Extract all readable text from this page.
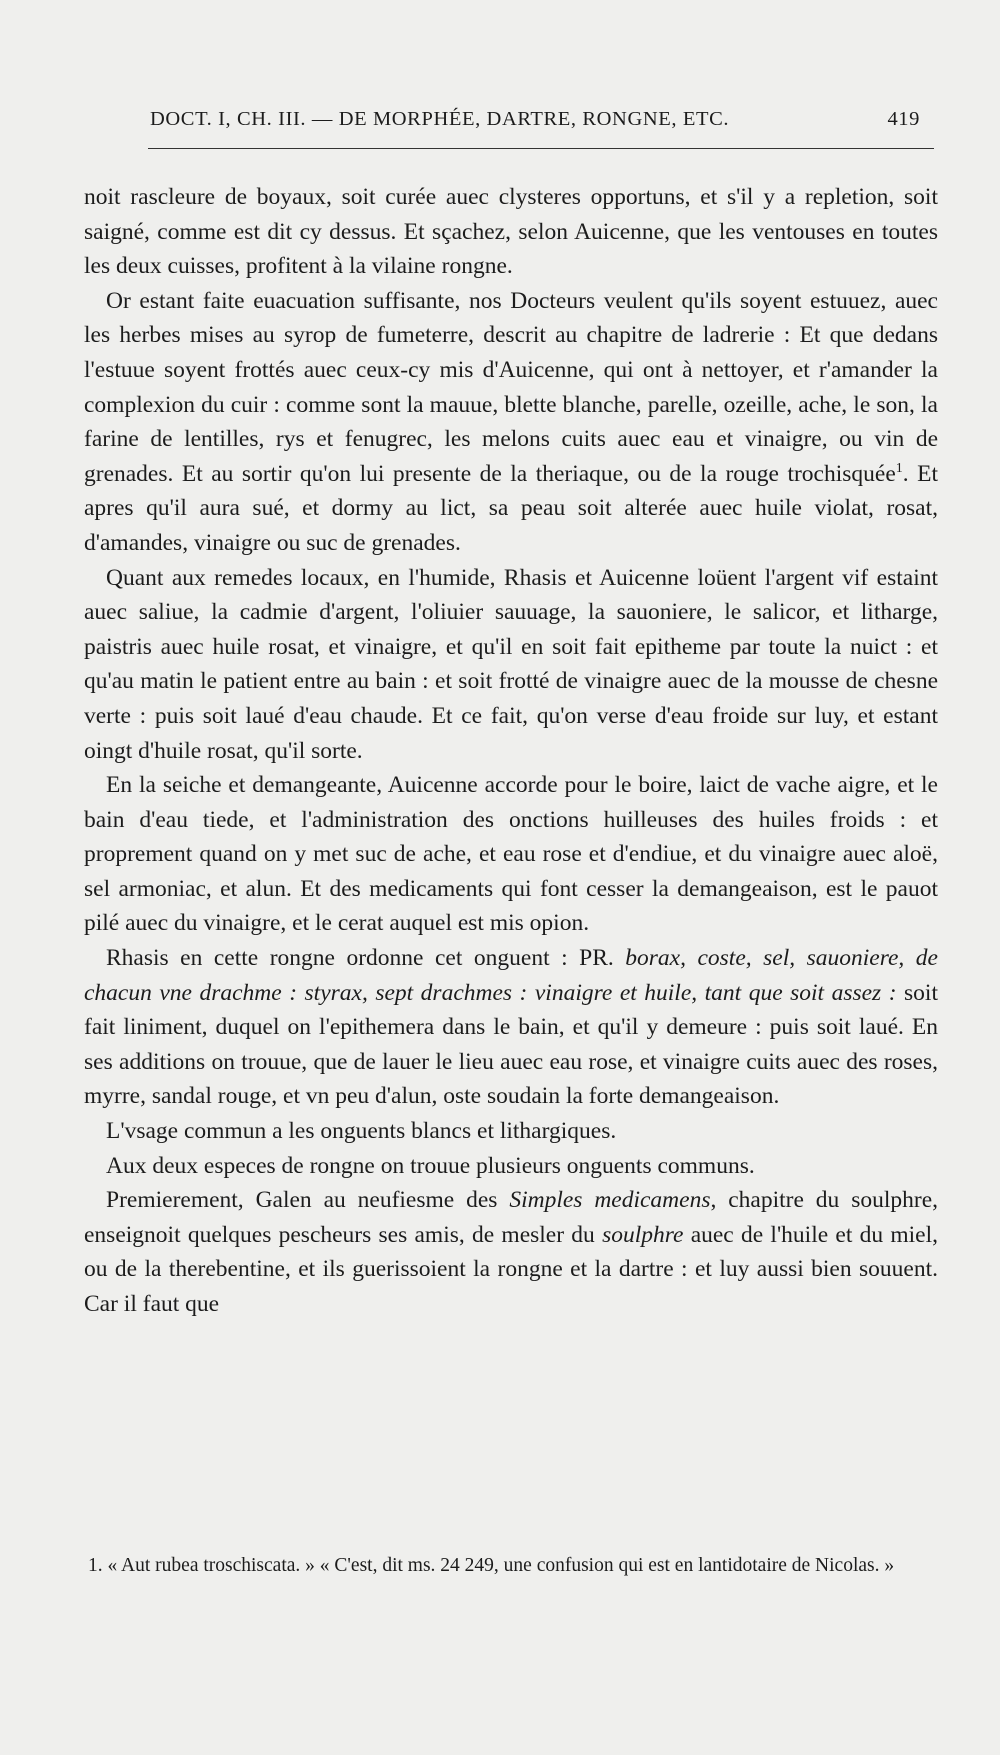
DOCT. I, CH. III. — DE MORPHÉE, DARTRE, RONGNE, ETC.	419

noit rascleure de boyaux, soit curée auec clysteres opportuns, et s'il y a repletion, soit saigné, comme est dit cy dessus. Et sçachez, selon Auicenne, que les ventouses en toutes les deux cuisses, profitent à la vilaine rongne.

Or estant faite euacuation suffisante, nos Docteurs veulent qu'ils soyent estuuez, auec les herbes mises au syrop de fumeterre, descrit au chapitre de ladrerie : Et que dedans l'estuue soyent frottés auec ceux-cy mis d'Auicenne, qui ont à nettoyer, et r'amander la complexion du cuir : comme sont la mauue, blette blanche, parelle, ozeille, ache, le son, la farine de lentilles, rys et fenugrec, les melons cuits auec eau et vinaigre, ou vin de grenades. Et au sortir qu'on lui presente de la theriaque, ou de la rouge trochisquée$^1$. Et apres qu'il aura sué, et dormy au lict, sa peau soit alterée auec huile violat, rosat, d'amandes, vinaigre ou suc de grenades.

Quant aux remedes locaux, en l'humide, Rhasis et Auicenne loüent l'argent vif estaint auec saliue, la cadmie d'argent, l'oliuier sauuage, la sauoniere, le salicor, et litharge, paistris auec huile rosat, et vinaigre, et qu'il en soit fait epitheme par toute la nuict : et qu'au matin le patient entre au bain : et soit frotté de vinaigre auec de la mousse de chesne verte : puis soit laué d'eau chaude. Et ce fait, qu'on verse d'eau froide sur luy, et estant oingt d'huile rosat, qu'il sorte.

En la seiche et demangeante, Auicenne accorde pour le boire, laict de vache aigre, et le bain d'eau tiede, et l'administration des onctions huilleuses des huiles froids : et proprement quand on y met suc de ache, et eau rose et d'endiue, et du vinaigre auec aloë, sel armoniac, et alun. Et des medicaments qui font cesser la demangeaison, est le pauot pilé auec du vinaigre, et le cerat auquel est mis opion.

Rhasis en cette rongne ordonne cet onguent : PR. borax, coste, sel, sauoniere, de chacun vne drachme : styrax, sept drachmes : vinaigre et huile, tant que soit assez : soit fait liniment, duquel on l'epithemera dans le bain, et qu'il y demeure : puis soit laué. En ses additions on trouue, que de lauer le lieu auec eau rose, et vinaigre cuits auec des roses, myrre, sandal rouge, et vn peu d'alun, oste soudain la forte demangeaison.

L'vsage commun a les onguents blancs et lithargiques.

Aux deux especes de rongne on trouue plusieurs onguents communs.

Premierement, Galen au neufiesme des Simples medicamens, chapitre du soulphre, enseignoit quelques pescheurs ses amis, de mesler du soulphre auec de l'huile et du miel, ou de la therebentine, et ils guerissoient la rongne et la dartre : et luy aussi bien souuent. Car il faut que

1. « Aut rubea troschiscata. » « C'est, dit ms. 24 249, une confusion qui est en lantidotaire de Nicolas. »
